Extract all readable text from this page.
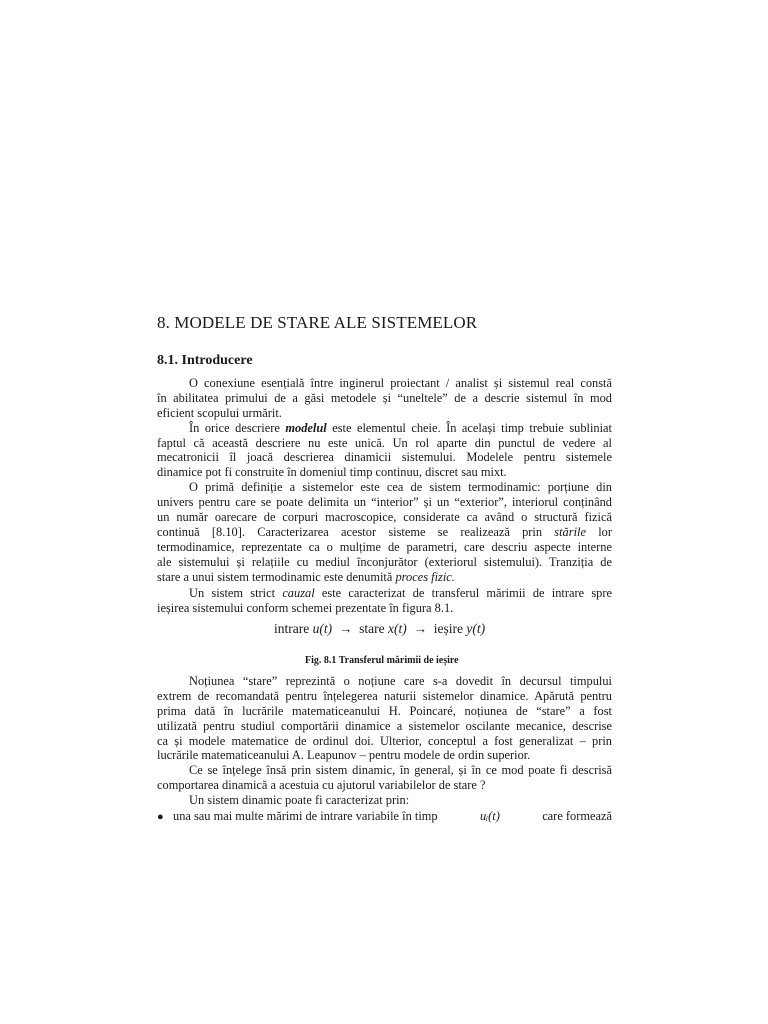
8. MODELE DE STARE ALE SISTEMELOR
8.1. Introducere
O conexiune esențială între inginerul proiectant / analist și sistemul real constă
în abilitatea primului de a găsi metodele și “uneltele” de a descrie sistemul în mod
eficient scopului urmărit.
În orice descriere modelul este elementul cheie. În același timp trebuie subliniat
faptul că această descriere nu este unică. Un rol aparte din punctul de vedere al
mecatronicii îl joacă descrierea dinamicii sistemului. Modelele pentru sistemele
dinamice pot fi construite în domeniul timp continuu, discret sau mixt.
O primă definiție a sistemelor este cea de sistem termodinamic: porțiune din
univers pentru care se poate delimita un “interior” și un “exterior”, interiorul conținând
un număr oarecare de corpuri macroscopice, considerate ca având o structură fizică
continuă [8.10]. Caracterizarea acestor sisteme se realizează prin stările lor
termodinamice, reprezentate ca o mulțime de parametri, care descriu aspecte interne
ale sistemului și relațiile cu mediul înconjurător (exteriorul sistemului). Tranziția de
stare a unui sistem termodinamic este denumită proces fizic.
Un sistem strict cauzal este caracterizat de transferul mărimii de intrare spre
ieșirea sistemului conform schemei prezentate în figura 8.1.
intrare u(t) → stare x(t) → ieșire y(t)
Fig. 8.1 Transferul mărimii de ieșire
Noțiunea “stare” reprezintă o noțiune care s-a dovedit în decursul timpului
extrem de recomandată pentru înțelegerea naturii sistemelor dinamice. Apărută pentru
prima dată în lucrările matematiceanului H. Poincaré, noțiunea de “stare” a fost
utilizată pentru studiul comportării dinamice a sistemelor oscilante mecanice, descrise
ca și modele matematice de ordinul doi. Ulterior, conceptul a fost generalizat – prin
lucrările matematiceanului A. Leapunov – pentru modele de ordin superior.
Ce se înțelege însă prin sistem dinamic, în general, și în ce mod poate fi descrisă
comportarea dinamică a acestuia cu ajutorul variabilelor de stare ?
Un sistem dinamic poate fi caracterizat prin:
● una sau mai multe mărimi de intrare variabile în timp	uᵢ(t)	care formează
